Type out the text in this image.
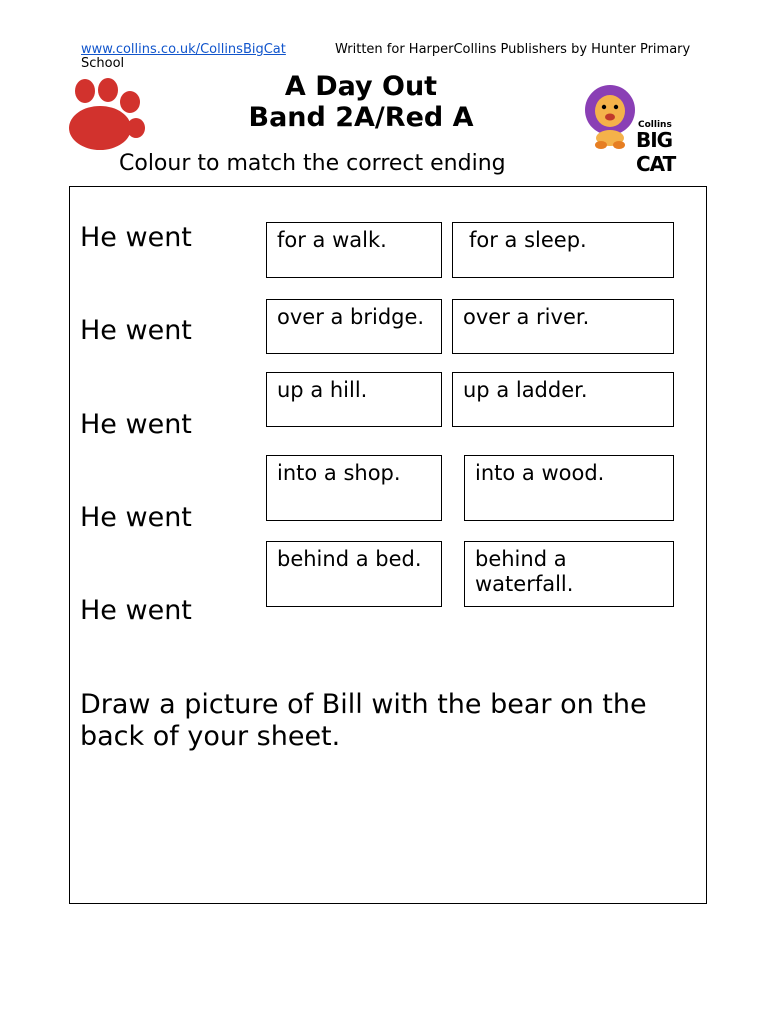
www.collins.co.uk/CollinsBigCat	Written for HarperCollins Publishers by Hunter Primary
School
A Day Out
Band 2A/Red A	Collins
BIG CAT
Colour to match the correct ending
He went
He went
He went
He went
He went
for a walk.	for a sleep.
over a bridge.	over a river.
up a hill.	up a ladder.
into a shop.	into a wood.
behind a bed.	behind a waterfall.
Draw a picture of Bill with the bear on the back of your sheet.
